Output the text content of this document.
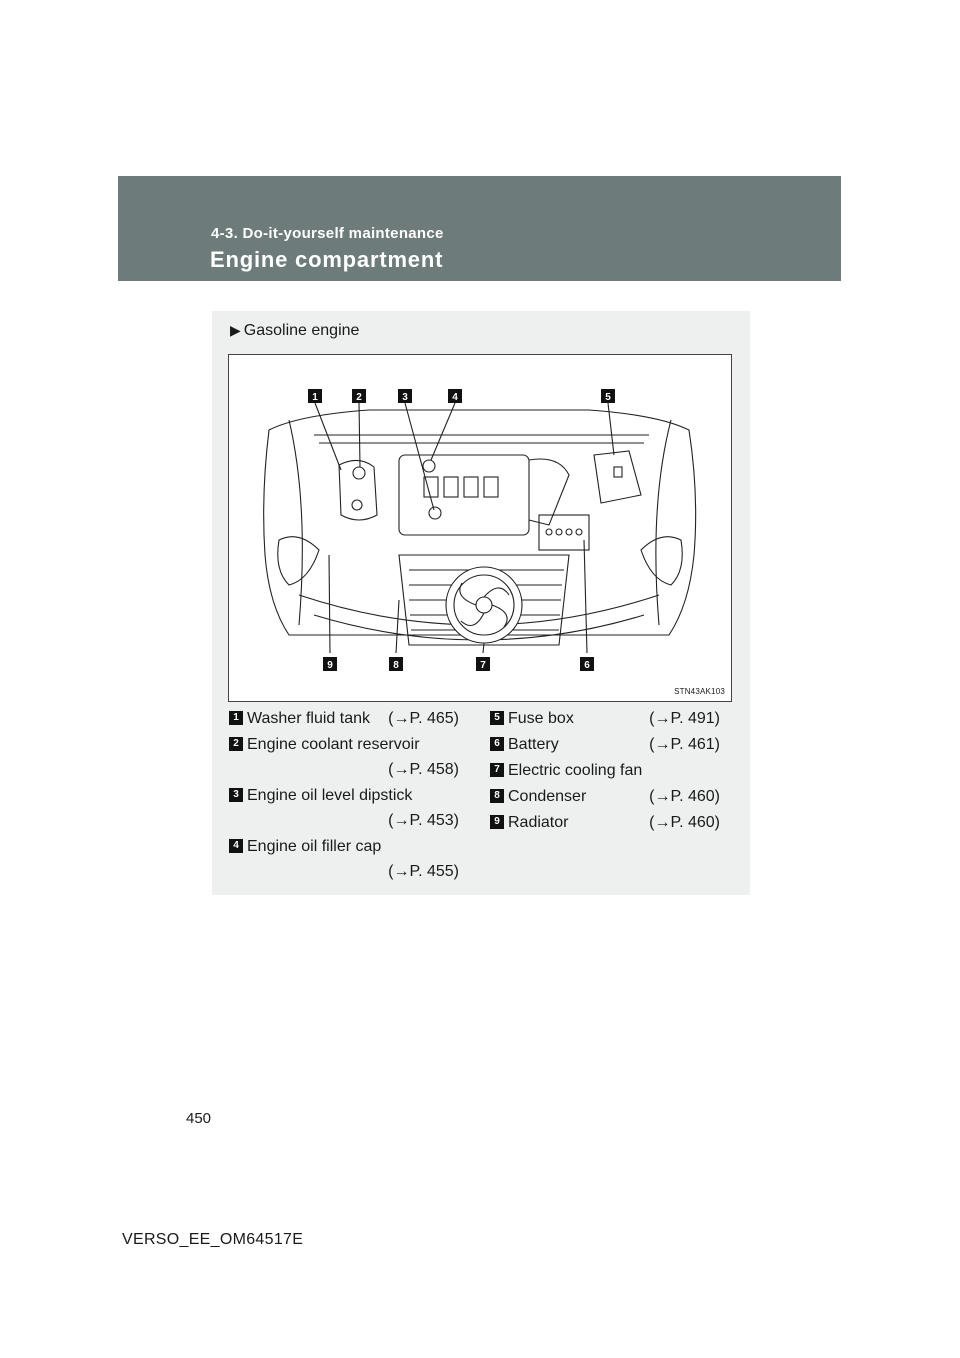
4-3. Do-it-yourself maintenance
Engine compartment
▶ Gasoline engine
1	2	3	4	5
6
7
8
9
STN43AK103
1 Washer fluid tank (→P. 465)
2 Engine coolant reservoir
(→P. 458)
3 Engine oil level dipstick
(→P. 453)
4 Engine oil filler cap
(→P. 455)
5 Fuse box	(→P. 491)
6 Battery	(→P. 461)
7 Electric cooling fan
8 Condenser	(→P. 460)
9 Radiator	(→P. 460)
450
VERSO_EE_OM64517E
